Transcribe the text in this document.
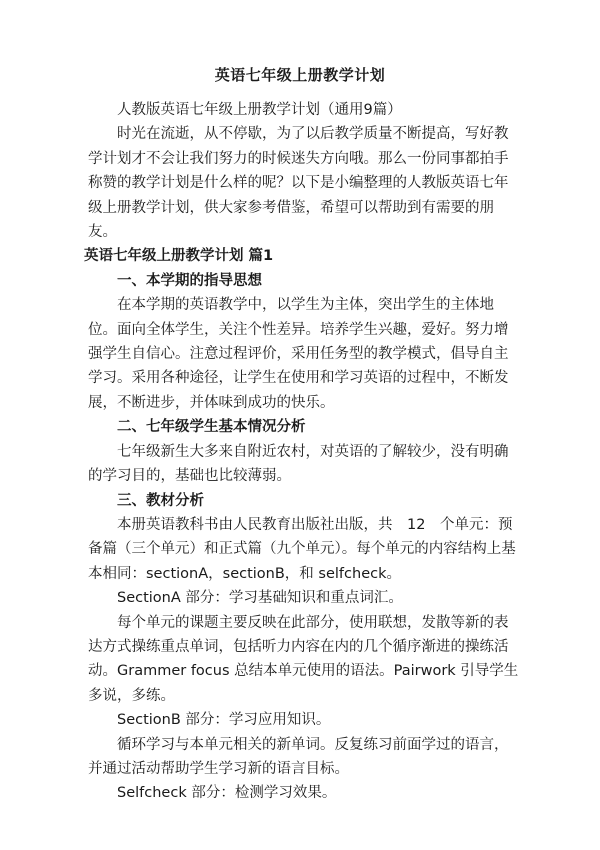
英语七年级上册教学计划

人教版英语七年级上册教学计划（通用9篇）

时光在流逝，从不停歇，为了以后教学质量不断提高，写好教学计划才不会让我们努力的时候迷失方向哦。那么一份同事都拍手称赞的教学计划是什么样的呢？以下是小编整理的人教版英语七年级上册教学计划，供大家参考借鉴，希望可以帮助到有需要的朋友。

英语七年级上册教学计划 篇1

一、本学期的指导思想

在本学期的英语教学中，以学生为主体，突出学生的主体地位。面向全体学生，关注个性差异。培养学生兴趣，爱好。努力增强学生自信心。注意过程评价，采用任务型的教学模式，倡导自主学习。采用各种途径，让学生在使用和学习英语的过程中，不断发展，不断进步，并体味到成功的快乐。

二、七年级学生基本情况分析

七年级新生大多来自附近农村，对英语的了解较少，没有明确的学习目的，基础也比较薄弱。

三、教材分析

本册英语教科书由人民教育出版社出版，共　12　个单元：预备篇（三个单元）和正式篇（九个单元）。每个单元的内容结构上基本相同：sectionA，sectionB，和 selfcheck。

SectionA 部分：学习基础知识和重点词汇。

每个单元的课题主要反映在此部分，使用联想，发散等新的表达方式操练重点单词，包括听力内容在内的几个循序渐进的操练活动。Grammer focus 总结本单元使用的语法。Pairwork 引导学生多说，多练。

SectionB 部分：学习应用知识。

循环学习与本单元相关的新单词。反复练习前面学过的语言，并通过活动帮助学生学习新的语言目标。

Selfcheck 部分：检测学习效果。
